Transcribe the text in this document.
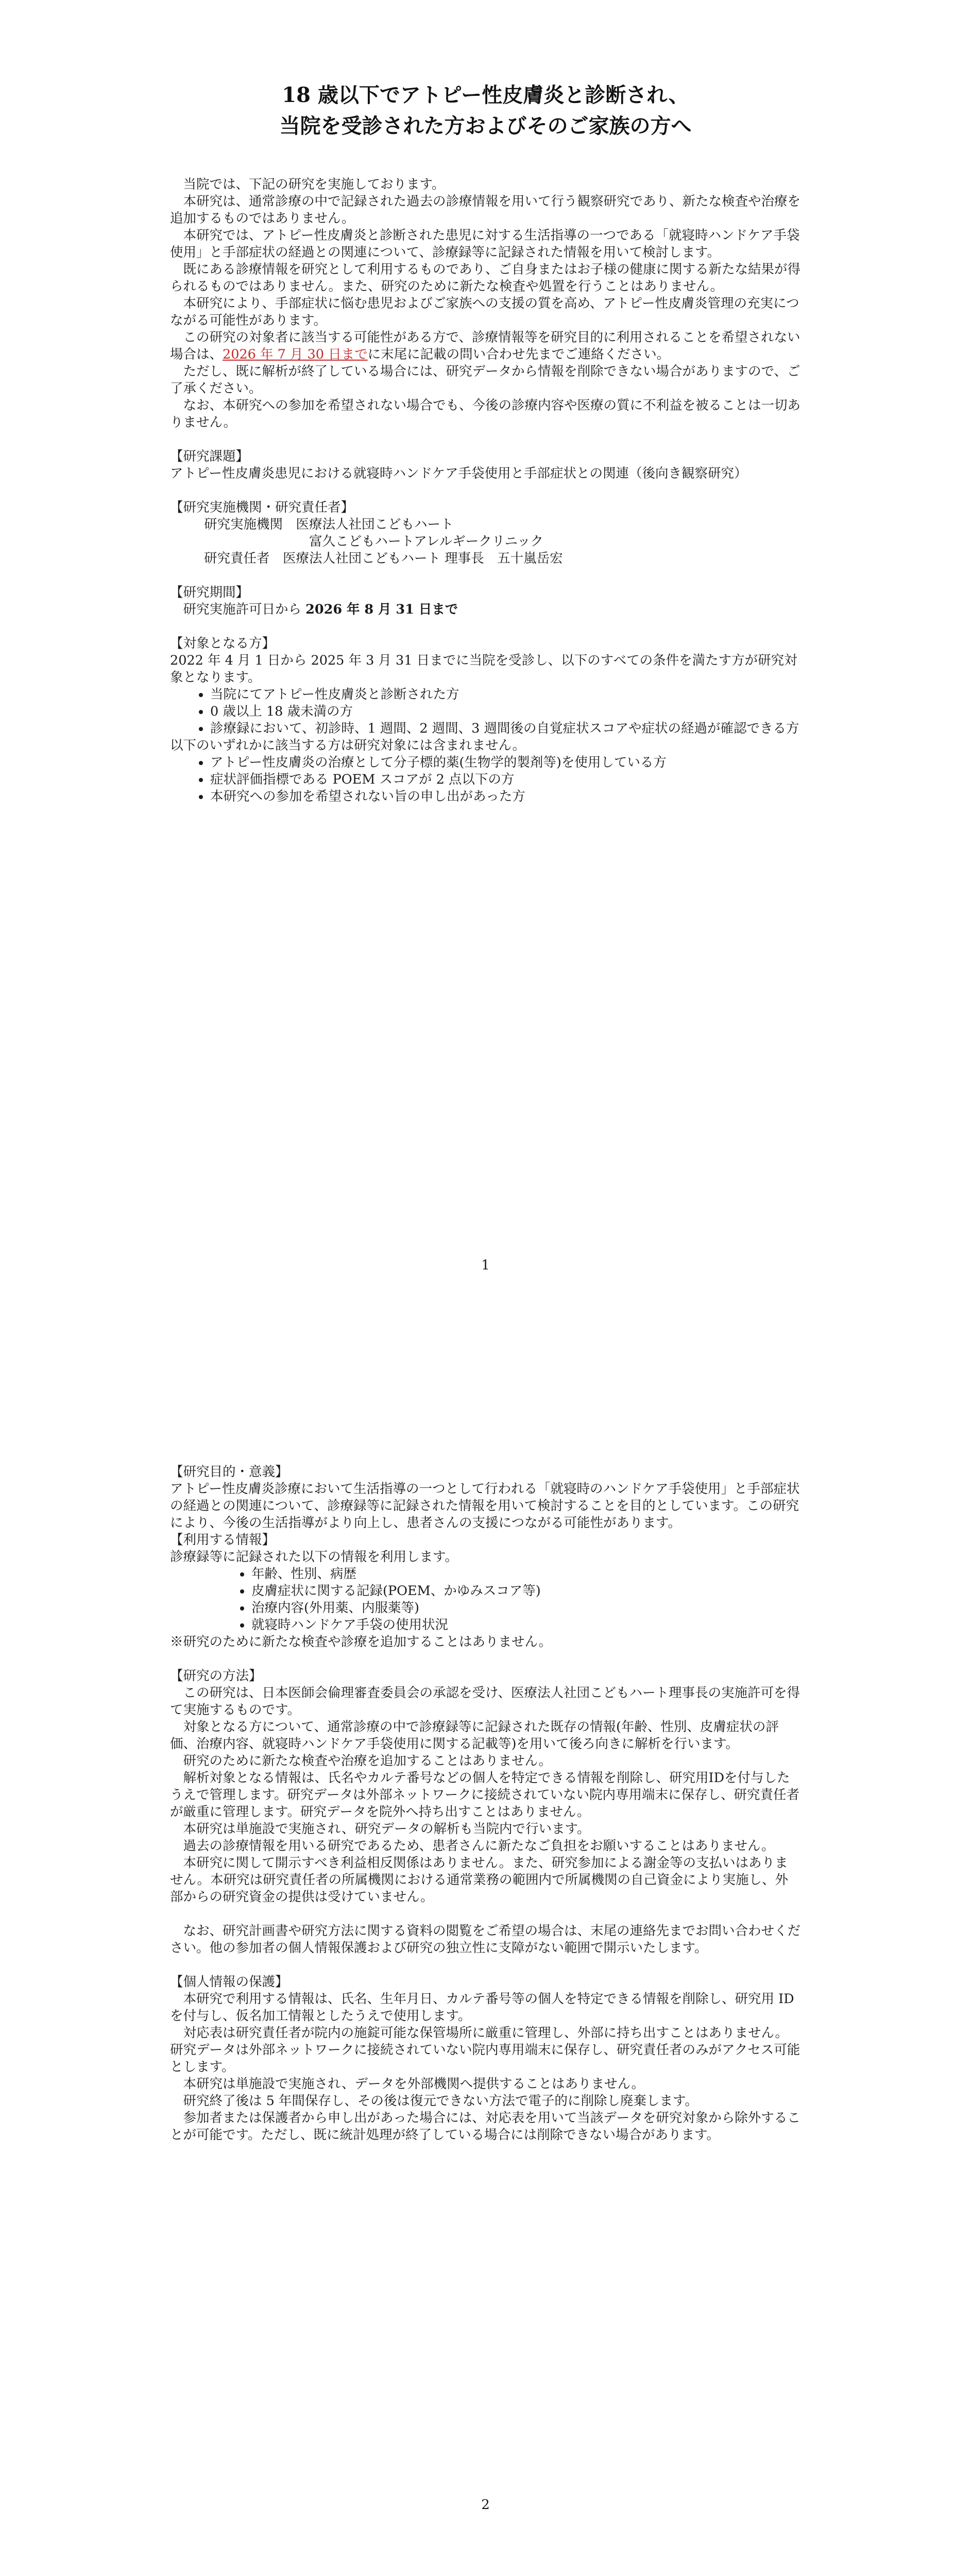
18 歳以下でアトピー性皮膚炎と診断され、
当院を受診された方およびそのご家族の方へ

当院では、下記の研究を実施しております。

本研究は、通常診療の中で記録された過去の診療情報を用いて行う観察研究であり、新たな検査や治療を追加するものではありません。

本研究では、アトピー性皮膚炎と診断された患児に対する生活指導の一つである「就寝時ハンドケア手袋使用」と手部症状の経過との関連について、診療録等に記録された情報を用いて検討します。

既にある診療情報を研究として利用するものであり、ご自身またはお子様の健康に関する新たな結果が得られるものではありません。また、研究のために新たな検査や処置を行うことはありません。

本研究により、手部症状に悩む患児およびご家族への支援の質を高め、アトピー性皮膚炎管理の充実につながる可能性があります。

この研究の対象者に該当する可能性がある方で、診療情報等を研究目的に利用されることを希望されない場合は、2026 年 7 月 30 日までに末尾に記載の問い合わせ先までご連絡ください。

ただし、既に解析が終了している場合には、研究データから情報を削除できない場合がありますので、ご了承ください。

なお、本研究への参加を希望されない場合でも、今後の診療内容や医療の質に不利益を被ることは一切ありません。

【研究課題】

アトピー性皮膚炎患児における就寝時ハンドケア手袋使用と手部症状との関連（後向き観察研究）

【研究実施機関・研究責任者】

研究実施機関　 医療法人社団こどもハート

富久こどもハートアレルギークリニック

研究責任者　 医療法人社団こどもハート 理事長　五十嵐岳宏

【研究期間】

研究実施許可日から 2026 年 8 月 31 日まで

【対象となる方】

2022 年 4 月 1 日から 2025 年 3 月 31 日までに当院を受診し、以下のすべての条件を満たす方が研究対象となります。

• 当院にてアトピー性皮膚炎と診断された方
• 0 歳以上 18 歳未満の方
• 診療録において、初診時、1 週間、2 週間、3 週間後の自覚症状スコアや症状の経過が確認できる方

以下のいずれかに該当する方は研究対象には含まれません。

• アトピー性皮膚炎の治療として分子標的薬(生物学的製剤等)を使用している方
• 症状評価指標である POEM スコアが 2 点以下の方
• 本研究への参加を希望されない旨の申し出があった方
1

【研究目的・意義】

アトピー性皮膚炎診療において生活指導の一つとして行われる「就寝時のハンドケア手袋使用」と手部症状の経過との関連について、診療録等に記録された情報を用いて検討することを目的としています。この研究により、今後の生活指導がより向上し、患者さんの支援につながる可能性があります。

【利用する情報】

診療録等に記録された以下の情報を利用します。

• 年齢、性別、病歴
• 皮膚症状に関する記録(POEM、かゆみスコア等)
• 治療内容(外用薬、内服薬等)
• 就寝時ハンドケア手袋の使用状況

※研究のために新たな検査や診療を追加することはありません。

【研究の方法】

この研究は、日本医師会倫理審査委員会の承認を受け、医療法人社団こどもハート理事長の実施許可を得て実施するものです。

対象となる方について、通常診療の中で診療録等に記録された既存の情報(年齢、性別、皮膚症状の評価、治療内容、就寝時ハンドケア手袋使用に関する記載等)を用いて後ろ向きに解析を行います。

研究のために新たな検査や治療を追加することはありません。

解析対象となる情報は、氏名やカルテ番号などの個人を特定できる情報を削除し、研究用IDを付与したうえで管理します。研究データは外部ネットワークに接続されていない院内専用端末に保存し、研究責任者が厳重に管理します。研究データを院外へ持ち出すことはありません。

本研究は単施設で実施され、研究データの解析も当院内で行います。

過去の診療情報を用いる研究であるため、患者さんに新たなご負担をお願いすることはありません。

本研究に関して開示すべき利益相反関係はありません。また、研究参加による謝金等の支払いはありません。本研究は研究責任者の所属機関における通常業務の範囲内で所属機関の自己資金により実施し、外部からの研究資金の提供は受けていません。

なお、研究計画書や研究方法に関する資料の閲覧をご希望の場合は、末尾の連絡先までお問い合わせください。他の参加者の個人情報保護および研究の独立性に支障がない範囲で開示いたします。

【個人情報の保護】

本研究で利用する情報は、氏名、生年月日、カルテ番号等の個人を特定できる情報を削除し、研究用 ID を付与し、仮名加工情報としたうえで使用します。

対応表は研究責任者が院内の施錠可能な保管場所に厳重に管理し、外部に持ち出すことはありません。研究データは外部ネットワークに接続されていない院内専用端末に保存し、研究責任者のみがアクセス可能とします。

本研究は単施設で実施され、データを外部機関へ提供することはありません。

研究終了後は 5 年間保存し、その後は復元できない方法で電子的に削除し廃棄します。

参加者または保護者から申し出があった場合には、対応表を用いて当該データを研究対象から除外することが可能です。ただし、既に統計処理が終了している場合には削除できない場合があります。

2
